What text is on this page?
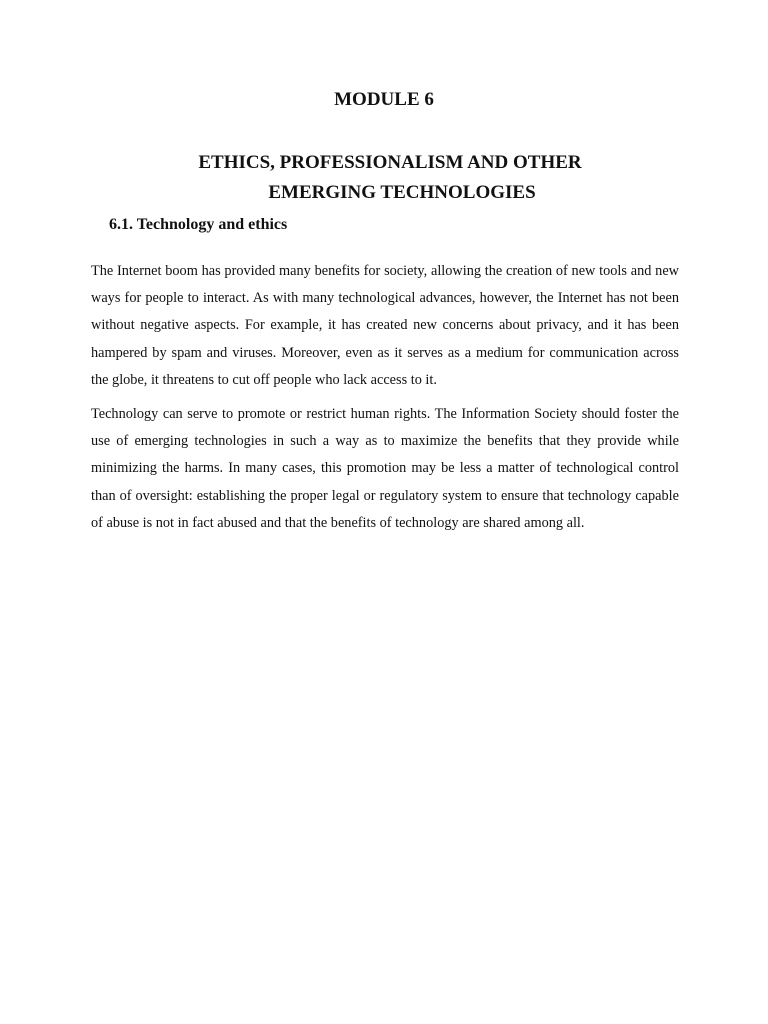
MODULE 6
ETHICS, PROFESSIONALISM AND OTHER
EMERGING TECHNOLOGIES
6.1. Technology and ethics

The Internet boom has provided many benefits for society, allowing the creation of new tools and new ways for people to interact. As with many technological advances, however, the Internet has not been without negative aspects. For example, it has created new concerns about privacy, and it has been hampered by spam and viruses. Moreover, even as it serves as a medium for communication across the globe, it threatens to cut off people who lack access to it.

Technology can serve to promote or restrict human rights. The Information Society should foster the use of emerging technologies in such a way as to maximize the benefits that they provide while minimizing the harms. In many cases, this promotion may be less a matter of technological control than of oversight: establishing the proper legal or regulatory system to ensure that technology capable of abuse is not in fact abused and that the benefits of technology are shared among all.
